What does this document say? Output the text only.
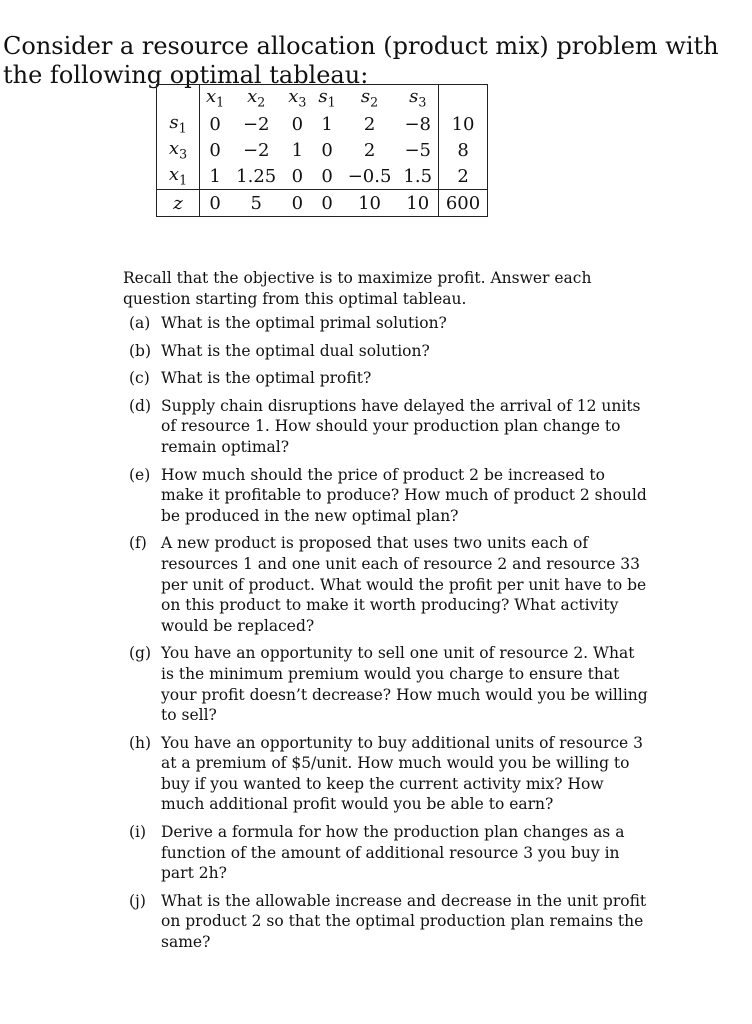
Consider a resource allocation (product mix) problem with the following optimal tableau:

	$x_1$	$x_2$	$x_3$	$s_1$	$s_2$	$s_3$	
$s_1$	0	−2	0	1	2	−8	10
$x_3$	0	−2	1	0	2	−5	8
$x_1$	1	1.25	0	0	−0.5	1.5	2
z	0	5	0	0	10	10	600

Recall that the objective is to maximize profit. Answer each question starting from this optimal tableau.

(a) What is the optimal primal solution?
(b) What is the optimal dual solution?
(c) What is the optimal profit?
(d) Supply chain disruptions have delayed the arrival of 12 units of resource 1. How should your production plan change to remain optimal?
(e) How much should the price of product 2 be increased to make it profitable to produce? How much of product 2 should be produced in the new optimal plan?
(f) A new product is proposed that uses two units each of resources 1 and one unit each of resource 2 and resource 33 per unit of product. What would the profit per unit have to be on this product to make it worth producing? What activity would be replaced?
(g) You have an opportunity to sell one unit of resource 2. What is the minimum premium would you charge to ensure that your profit doesn’t decrease? How much would you be willing to sell?
(h) You have an opportunity to buy additional units of resource 3 at a premium of $5/unit. How much would you be willing to buy if you wanted to keep the current activity mix? How much additional profit would you be able to earn?
(i) Derive a formula for how the production plan changes as a function of the amount of additional resource 3 you buy in part 2h?
(j) What is the allowable increase and decrease in the unit profit on product 2 so that the optimal production plan remains the same?
